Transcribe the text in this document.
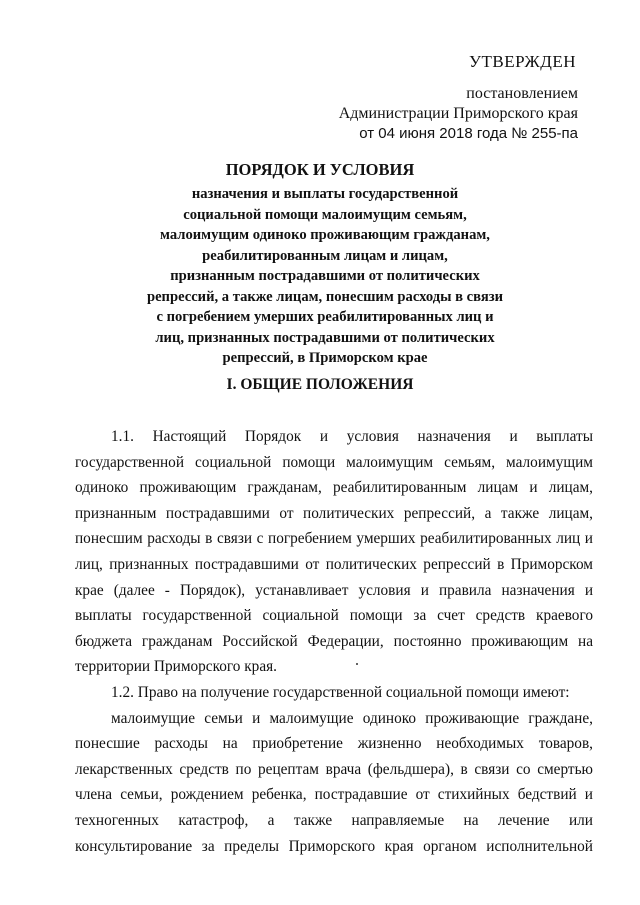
УТВЕРЖДЕН
постановлением
Администрации Приморского края
от 04 июня 2018 года № 255-па
ПОРЯДОК И УСЛОВИЯ
назначения и выплаты государственной
социальной помощи малоимущим семьям,
малоимущим одиноко проживающим гражданам,
реабилитированным лицам и лицам,
признанным пострадавшими от политических
репрессий, а также лицам, понесшим расходы в связи
с погребением умерших реабилитированных лиц и
лиц, признанных пострадавшими от политических
репрессий, в Приморском крае
I. ОБЩИЕ ПОЛОЖЕНИЯ
1.1. Настоящий Порядок и условия назначения и выплаты
государственной социальной помощи малоимущим семьям, малоимущим
одиноко проживающим гражданам, реабилитированным лицам и лицам,
признанным пострадавшими от политических репрессий, а также лицам,
понесшим расходы в связи с погребением умерших реабилитированных лиц и
лиц, признанных пострадавшими от политических репрессий в Приморском
крае (далее - Порядок), устанавливает условия и правила назначения и
выплаты государственной социальной помощи за счет средств краевого
бюджета гражданам Российской Федерации, постоянно проживающим на
территории Приморского края.
1.2. Право на получение государственной социальной помощи имеют:
малоимущие семьи и малоимущие одиноко проживающие граждане,
понесшие расходы на приобретение жизненно необходимых товаров,
лекарственных средств по рецептам врача (фельдшера), в связи со смертью
члена семьи, рождением ребенка, пострадавшие от стихийных бедствий и
техногенных катастроф, а также направляемые на лечение или
консультирование за пределы Приморского края органом исполнительной
